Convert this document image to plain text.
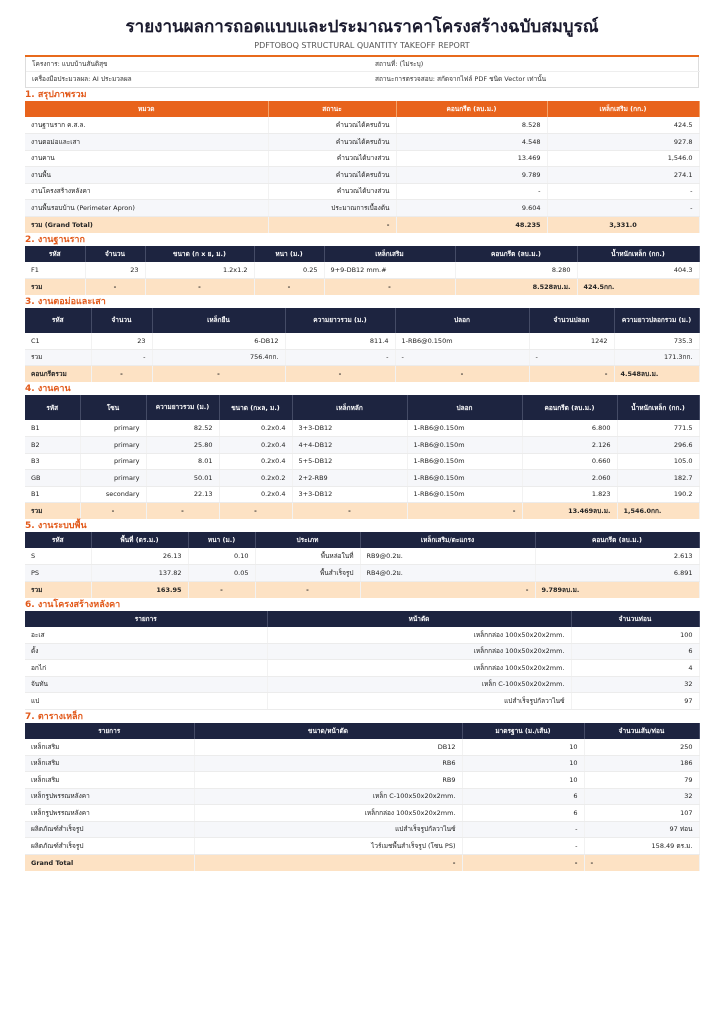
รายงานผลการถอดแบบและประมาณราคาโครงสร้างฉบับสมบูรณ์
PDFTOBOQ STRUCTURAL QUANTITY TAKEOFF REPORT
โครงการ: แบบบ้านสันติสุข	สถานที่: (ไม่ระบุ)
เครื่องมือประมวลผล: AI ประมวลผล	สถานะการตรวจสอบ: สกัดจากไฟล์ PDF ชนิด Vector เท่านั้น
1. สรุปภาพรวม
หมวด	สถานะ	คอนกรีต (ลบ.ม.)	เหล็กเสริม (กก.)
งานฐานราก ค.ส.ล.	คำนวณได้ครบถ้วน	8.528	424.5
งานตอม่อและเสา	คำนวณได้ครบถ้วน	4.548	927.8
งานคาน	คำนวณได้บางส่วน	13.469	1,546.0
งานพื้น	คำนวณได้ครบถ้วน	9.789	274.1
งานโครงสร้างหลังคา	คำนวณได้บางส่วน	-	-
งานพื้นรอบบ้าน (Perimeter Apron)	ประมาณการเบื้องต้น	9.604	-
รวม (Grand Total)	-	48.235	3,331.0
2. งานฐานราก
รหัส	จำนวน	ขนาด (ก x ย, ม.)	หนา (ม.)	เหล็กเสริม	คอนกรีต (ลบ.ม.)	น้ำหนักเหล็ก (กก.)
F1	23	1.2x1.2	0.25	9+9-DB12 mm.#	8.280	404.3
รวม	-	-	-	-	8.528ลบ.ม.	424.5กก.
3. งานตอม่อและเสา
รหัส	จำนวน	เหล็กยืน	ความยาวรวม (ม.)	ปลอก	จำนวนปลอก	ความยาวปลอกรวม (ม.)
C1	23	6-DB12	811.4	1-RB6@0.150m	1242	735.3
รวม	-	756.4กก.	-	-	-	171.3กก.
คอนกรีตรวม	-	-	-	-	-	4.548ลบ.ม.
4. งานคาน
รหัส	โซน	ความยาวรวม (ม.)	ขนาด (กxล, ม.)	เหล็กหลัก	ปลอก	คอนกรีต (ลบ.ม.)	น้ำหนักเหล็ก (กก.)
B1	primary	82.52	0.2x0.4	3+3-DB12	1-RB6@0.150m	6.800	771.5
B2	primary	25.80	0.2x0.4	4+4-DB12	1-RB6@0.150m	2.126	296.6
B3	primary	8.01	0.2x0.4	5+5-DB12	1-RB6@0.150m	0.660	105.0
GB	primary	50.01	0.2x0.2	2+2-RB9	1-RB6@0.150m	2.060	182.7
B1	secondary	22.13	0.2x0.4	3+3-DB12	1-RB6@0.150m	1.823	190.2
รวม	-	-	-	-	-	13.469ลบ.ม.	1,546.0กก.
5. งานระบบพื้น
รหัส	พื้นที่ (ตร.ม.)	หนา (ม.)	ประเภท	เหล็กเสริม/ตะแกรง	คอนกรีต (ลบ.ม.)
S	26.13	0.10	พื้นหล่อในที่	RB9@0.2ม.	2.613
PS	137.82	0.05	พื้นสำเร็จรูป	RB4@0.2ม.	6.891
รวม	163.95	-	-	-	9.789ลบ.ม.
6. งานโครงสร้างหลังคา
รายการ	หน้าตัด	จำนวนท่อน
อะเส	เหล็กกล่อง 100x50x20x2mm.	100
ดั้ง	เหล็กกล่อง 100x50x20x2mm.	6
อกไก่	เหล็กกล่อง 100x50x20x2mm.	4
จันทัน	เหล็ก C-100x50x20x2mm.	32
แป	แปสำเร็จรูปกัลวาไนซ์	97
7. ตารางเหล็ก
รายการ	ขนาด/หน้าตัด	มาตรฐาน (ม./เส้น)	จำนวนเส้น/ท่อน
เหล็กเสริม	DB12	10	250
เหล็กเสริม	RB6	10	186
เหล็กเสริม	RB9	10	79
เหล็กรูปพรรณหลังคา	เหล็ก C-100x50x20x2mm.	6	32
เหล็กรูปพรรณหลังคา	เหล็กกล่อง 100x50x20x2mm.	6	107
ผลิตภัณฑ์สำเร็จรูป	แปสำเร็จรูปกัลวาไนซ์	-	97 ท่อน
ผลิตภัณฑ์สำเร็จรูป	ไวร์เมชพื้นสำเร็จรูป (โซน PS)	-	158.49 ตร.ม.
Grand Total	-	-	-
